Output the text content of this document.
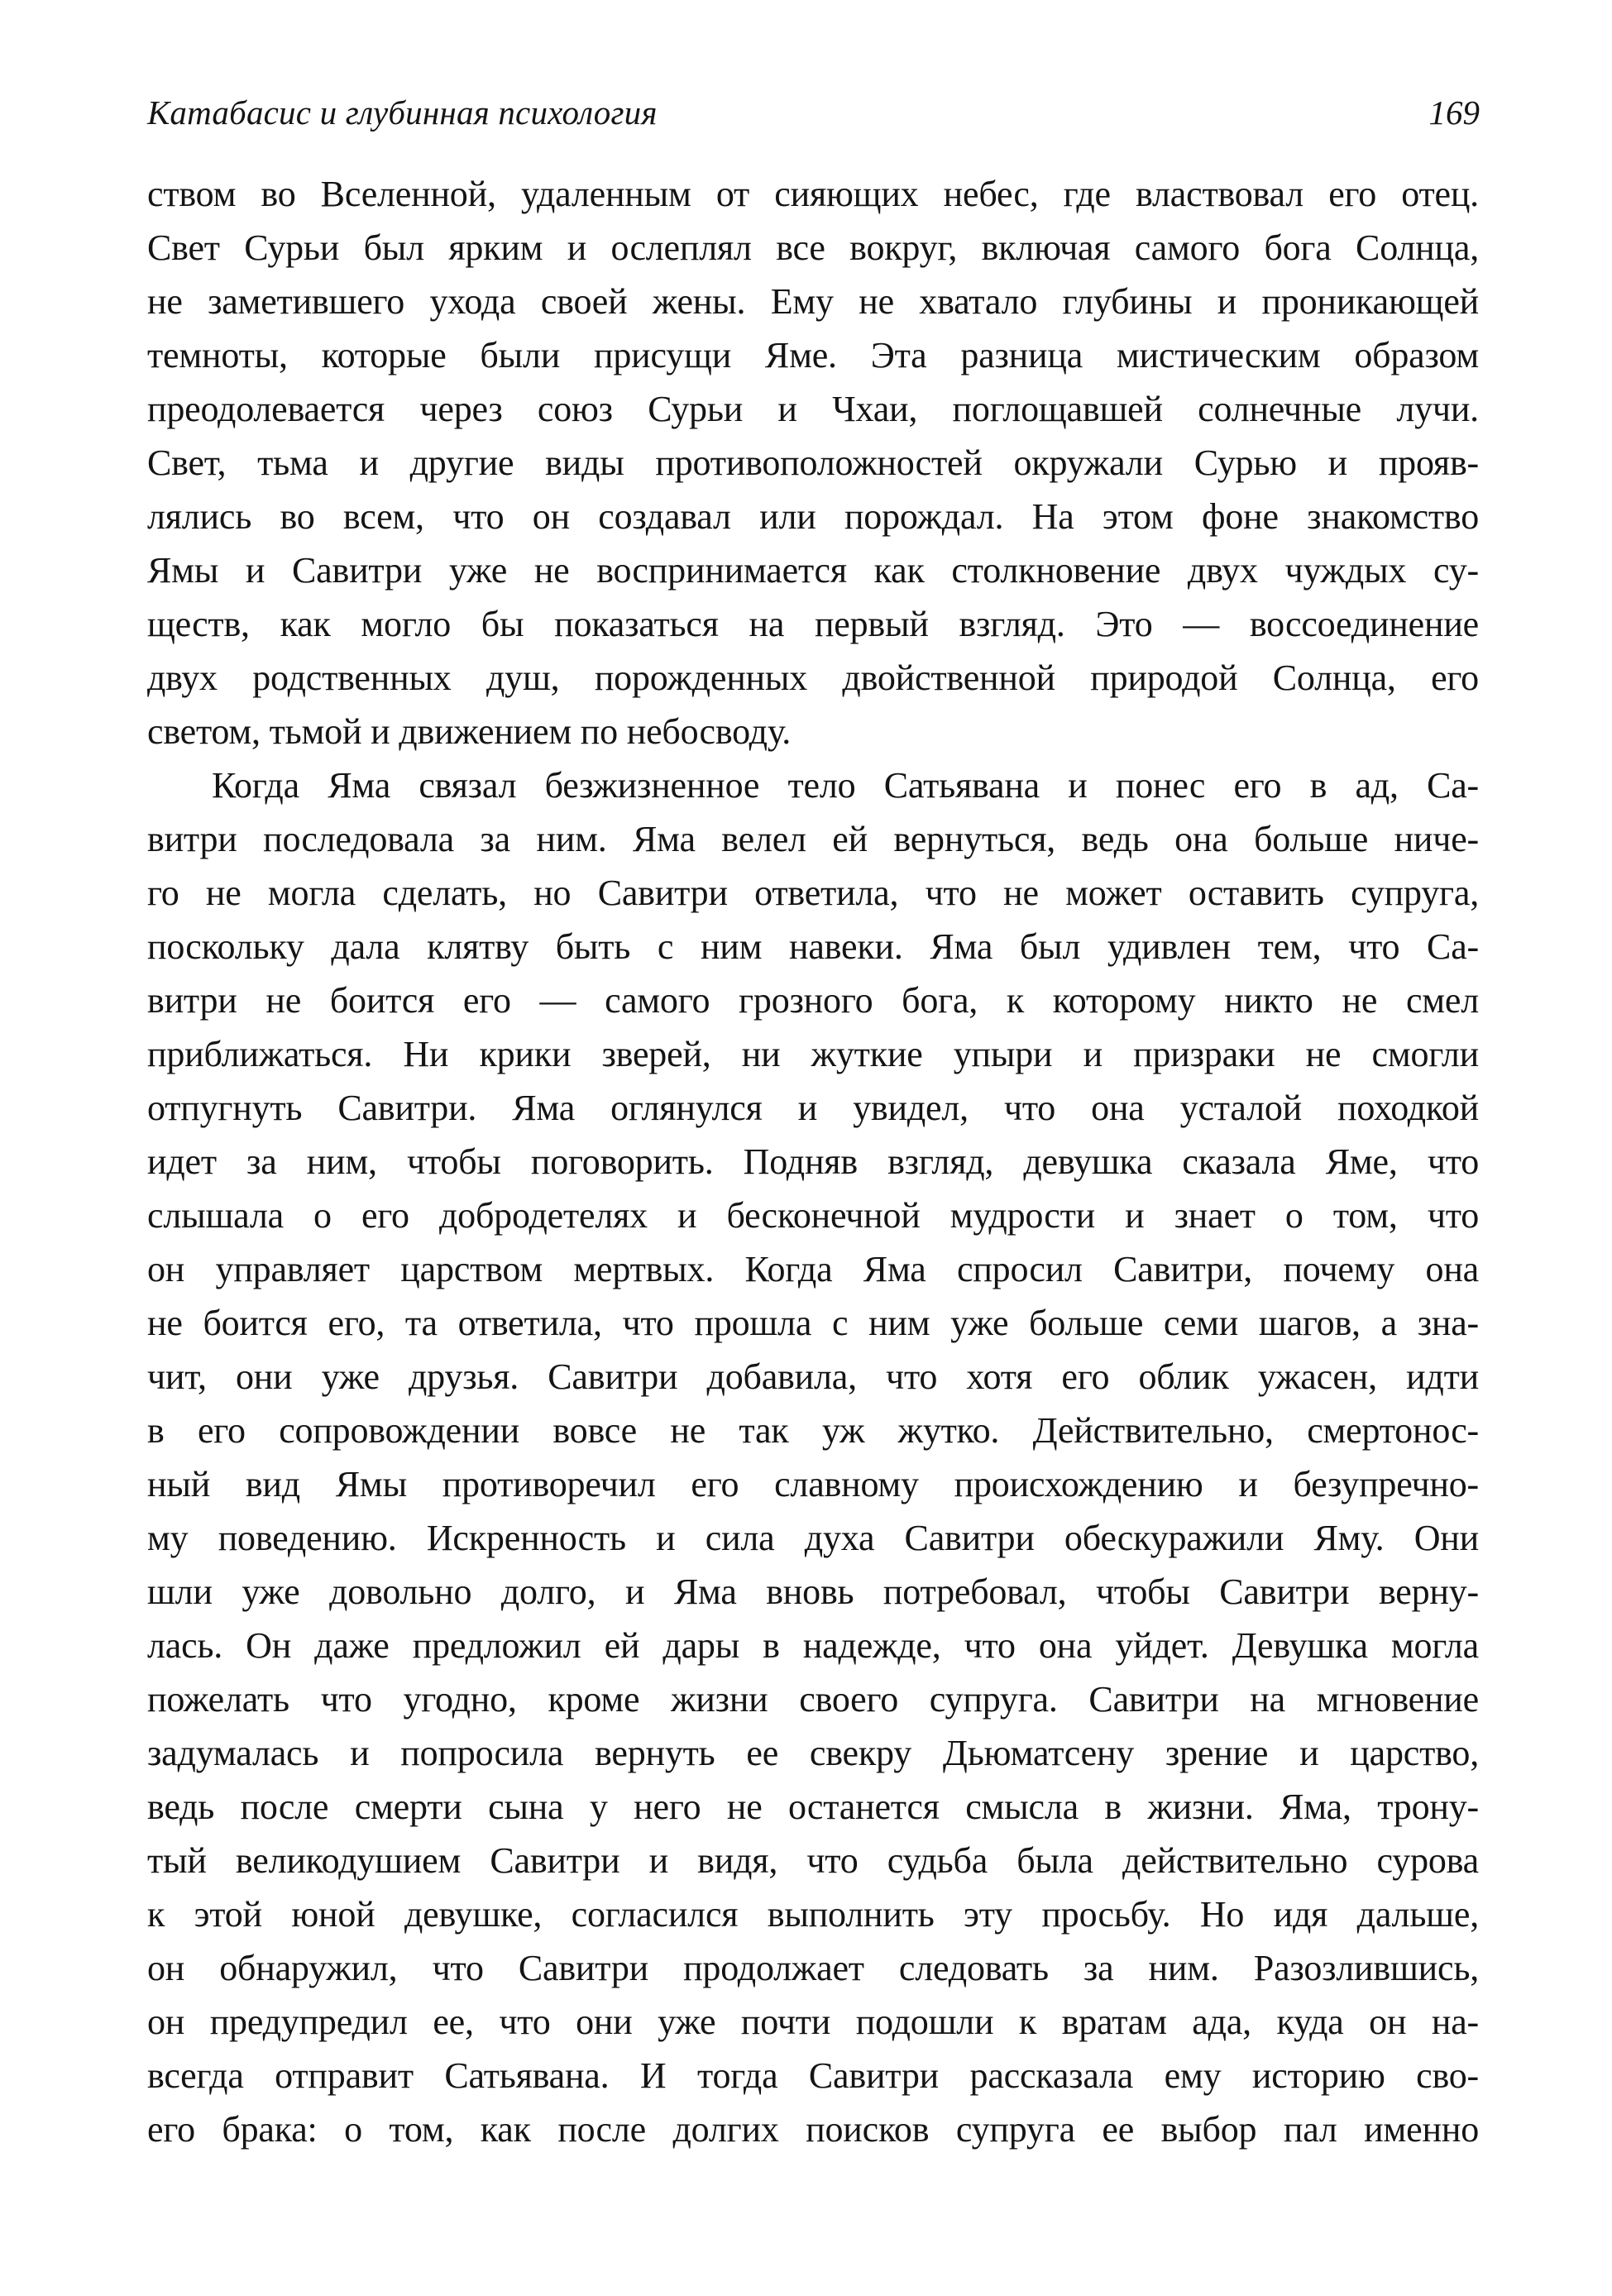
Катабасис и глубинная психология	169
ством во Вселенной, удаленным от сияющих небес, где властвовал его отец.
Свет Сурьи был ярким и ослеплял все вокруг, включая самого бога Солнца,
не заметившего ухода своей жены. Ему не хватало глубины и проникающей
темноты, которые были присущи Яме. Эта разница мистическим образом
преодолевается через союз Сурьи и Чхаи, поглощавшей солнечные лучи.
Свет, тьма и другие виды противоположностей окружали Сурью и прояв-
лялись во всем, что он создавал или порождал. На этом фоне знакомство
Ямы и Савитри уже не воспринимается как столкновение двух чуждых су-
ществ, как могло бы показаться на первый взгляд. Это — воссоединение
двух родственных душ, порожденных двойственной природой Солнца, его
светом, тьмой и движением по небосводу.
Когда Яма связал безжизненное тело Сатьявана и понес его в ад, Са-
витри последовала за ним. Яма велел ей вернуться, ведь она больше ниче-
го не могла сделать, но Савитри ответила, что не может оставить супруга,
поскольку дала клятву быть с ним навеки. Яма был удивлен тем, что Са-
витри не боится его — самого грозного бога, к которому никто не смел
приближаться. Ни крики зверей, ни жуткие упыри и призраки не смогли
отпугнуть Савитри. Яма оглянулся и увидел, что она усталой походкой
идет за ним, чтобы поговорить. Подняв взгляд, девушка сказала Яме, что
слышала о его добродетелях и бесконечной мудрости и знает о том, что
он управляет царством мертвых. Когда Яма спросил Савитри, почему она
не боится его, та ответила, что прошла с ним уже больше семи шагов, а зна-
чит, они уже друзья. Савитри добавила, что хотя его облик ужасен, идти
в его сопровождении вовсе не так уж жутко. Действительно, смертонос-
ный вид Ямы противоречил его славному происхождению и безупречно-
му поведению. Искренность и сила духа Савитри обескуражили Яму. Они
шли уже довольно долго, и Яма вновь потребовал, чтобы Савитри верну-
лась. Он даже предложил ей дары в надежде, что она уйдет. Девушка могла
пожелать что угодно, кроме жизни своего супруга. Савитри на мгновение
задумалась и попросила вернуть ее свекру Дьюматсену зрение и царство,
ведь после смерти сына у него не останется смысла в жизни. Яма, трону-
тый великодушием Савитри и видя, что судьба была действительно сурова
к этой юной девушке, согласился выполнить эту просьбу. Но идя дальше,
он обнаружил, что Савитри продолжает следовать за ним. Разозлившись,
он предупредил ее, что они уже почти подошли к вратам ада, куда он на-
всегда отправит Сатьявана. И тогда Савитри рассказала ему историю сво-
его брака: о том, как после долгих поисков супруга ее выбор пал именно
